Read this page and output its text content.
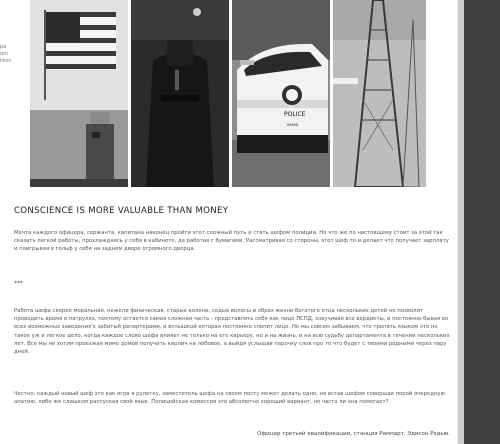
pa
om
hton
POLICE
86898
CONSCIENCE IS MORE VALUABLE THAN MONEY

Мечта каждого офицера, сержанта, капитана наконец пройти этот сложный путь и стать шефом полиции. Но что же по настоящему стоит за этой так сказать легкой работы, прохлаждаясь у себя в кабинете, да работая с бумагами. Рассматривая со стороны, этот шеф то и делает что получает зарплату и поигрывая в гольф у себя на заднем дворе огромного дворца.

***

Работа шефа скорее моральная, нежели физическая, старые колени, седые волосы и образ жизни богатого отца нескольких детей не позволит проводить время в патрулях, поэтому остается самая сложная часть - представлять себя как лицо ЛСПД, озвучивая все вердикты, и постоянно бывая во всех возможных заведения'х забитый репортерами, и вспышкой которая постоянно слепит лицо. Но мы совсем забываем, что трепать языком это не такое уж и легкое дело, когда каждое слово шефа влияет не только на его карьеру, но и на жизнь, и на всю судьбу департамента в течении нескольких лет. Все мы не хотим проезжая мимо домов получить кирпич на лобовое, а выйдя услышав парочку слов про то что будет с твоими родными через пару дней.

Честно, каждый новый шеф это как игра в рулетку, заместитель шефа на своем посту может делать одно, но встав шефом совершая порой очередную апатию, либо же слишком распуская свой язык. Полицейская комиссия это абсолютно хороший вариант, но часто ли она помогает?

Офицер третьей квалификации, станция Рампарт, Эдисон Рэдью.
